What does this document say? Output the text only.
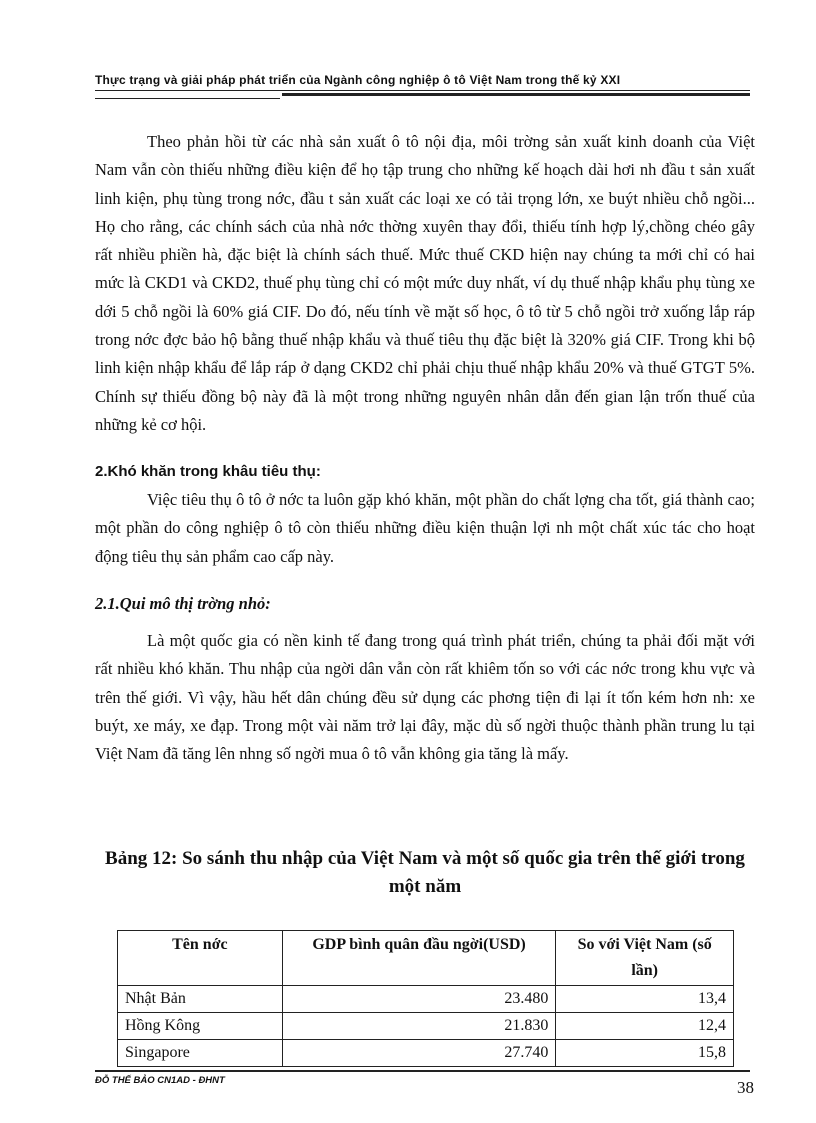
Thực trạng và giải pháp phát triển của Ngành công nghiệp ô tô Việt Nam trong thế kỷ XXI

Theo phản hồi từ các nhà sản xuất ô tô nội địa, môi trờng sản xuất kinh doanh của Việt Nam vẫn còn thiếu những điều kiện để họ tập trung cho những kế hoạch dài hơi nh đầu t sản xuất linh kiện, phụ tùng trong nớc, đầu t sản xuất các loại xe có tải trọng lớn, xe buýt nhiều chỗ ngồi... Họ cho rằng, các chính sách của nhà nớc thờng xuyên thay đổi, thiếu tính hợp lý,chồng chéo gây rất nhiều phiền hà, đặc biệt là chính sách thuế. Mức thuế CKD hiện nay chúng ta mới chỉ có hai mức là CKD1 và CKD2, thuế phụ tùng chỉ có một mức duy nhất, ví dụ thuế nhập khẩu phụ tùng xe dới 5 chỗ ngồi là 60% giá CIF. Do đó, nếu tính về mặt số học, ô tô từ 5 chỗ ngồi trở xuống lắp ráp trong nớc đợc bảo hộ bằng thuế nhập khẩu và thuế tiêu thụ đặc biệt là 320% giá CIF. Trong khi bộ linh kiện nhập khẩu để lắp ráp ở dạng CKD2 chỉ phải chịu thuế nhập khẩu 20% và thuế GTGT 5%. Chính sự thiếu đồng bộ này đã là một trong những nguyên nhân dẫn đến gian lận trốn thuế của những kẻ cơ hội.

2.Khó khăn trong khâu tiêu thụ:

Việc tiêu thụ ô tô ở nớc ta luôn gặp khó khăn, một phần do chất lợng cha tốt, giá thành cao; một phần do công nghiệp ô tô còn thiếu những điều kiện thuận lợi nh một chất xúc tác cho hoạt động tiêu thụ sản phẩm cao cấp này.

2.1.Qui mô thị trờng nhỏ:

Là một quốc gia có nền kinh tế đang trong quá trình phát triển, chúng ta phải đối mặt với rất nhiều khó khăn. Thu nhập của ngời dân vẫn còn rất khiêm tốn so với các nớc trong khu vực và trên thế giới. Vì vậy, hầu hết dân chúng đều sử dụng các phơng tiện đi lại ít tốn kém hơn nh: xe buýt, xe máy, xe đạp. Trong một vài năm trở lại đây, mặc dù số ngời thuộc thành phần trung lu tại Việt Nam đã tăng lên nhng số ngời mua ô tô vẫn không gia tăng là mấy.

Bảng 12: So sánh thu nhập của Việt Nam và một số quốc gia trên thế giới trong một năm
Tên nớc	GDP bình quân đầu ngời(USD)	So với Việt Nam (số lần)
Nhật Bản	23.480	13,4
Hồng Kông	21.830	12,4
Singapore	27.740	15,8
ĐỖ THẾ BẢO CN1AD - ĐHNT	38
